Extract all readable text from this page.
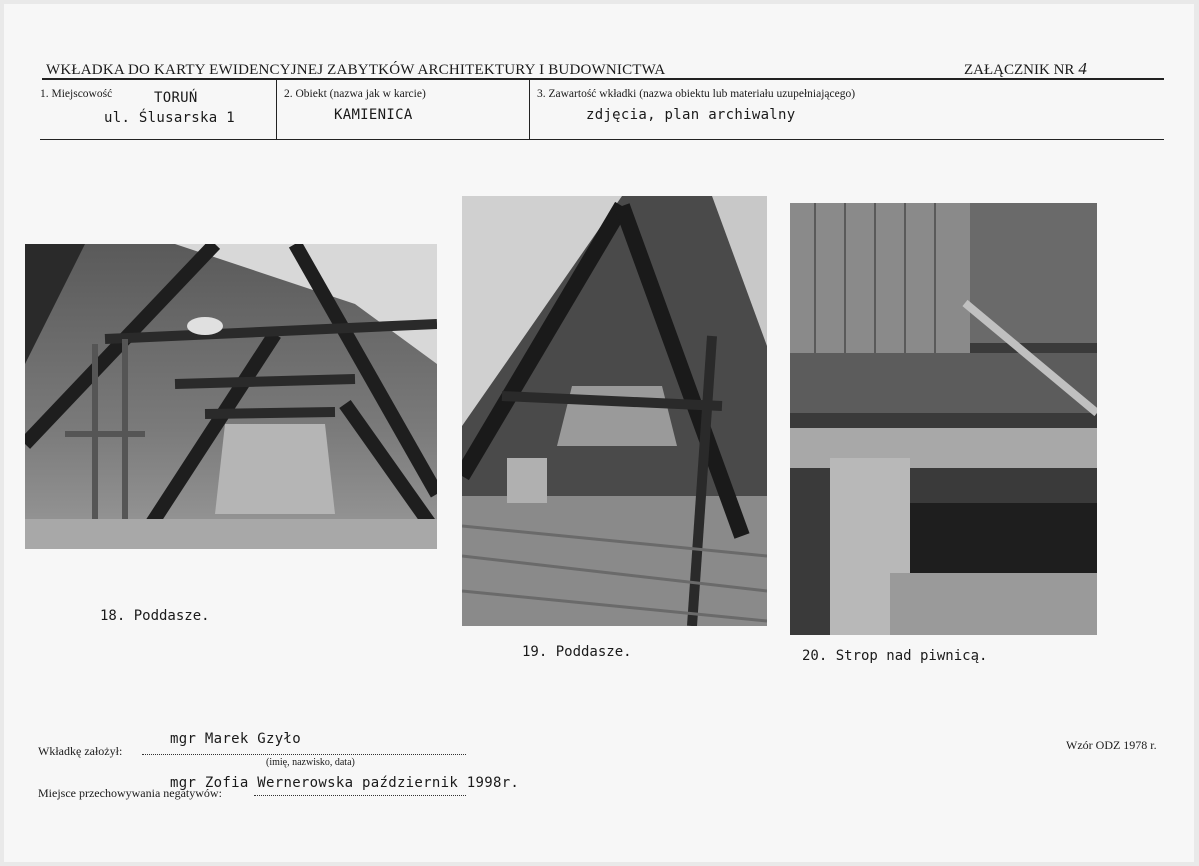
WKŁADKA DO KARTY EWIDENCYJNEJ ZABYTKÓW ARCHITEKTURY I BUDOWNICTWA	ZAŁĄCZNIK NR 4
1. Miejscowość	TORUŃ
ul. Ślusarska 1
2. Obiekt (nazwa jak w karcie)
KAMIENICA
3. Zawartość wkładki (nazwa obiektu lub materiału uzupełniającego)
zdjęcia, plan archiwalny
18. Poddasze.
19. Poddasze.	20. Strop nad piwnicą.
Wkładkę założył:
mgr Marek Gzyło
(imię, nazwisko, data)
Miejsce przechowywania negatywów:
mgr Zofia Wernerowska październik 1998r.
Wzór ODZ 1978 r.
